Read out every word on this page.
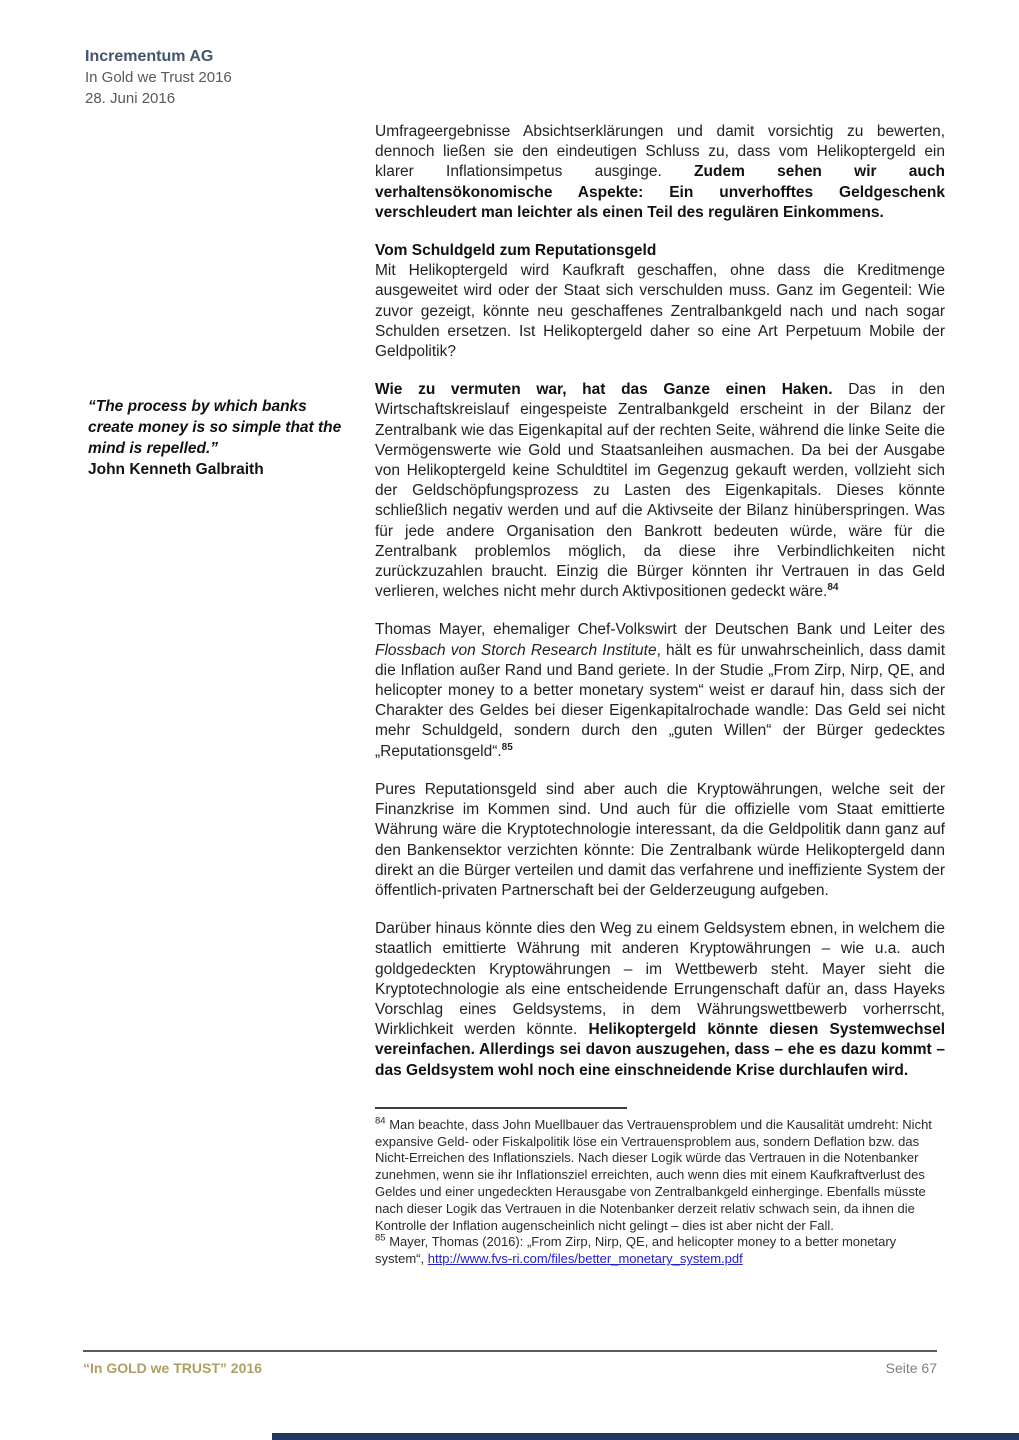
Incrementum AG
In Gold we Trust 2016
28. Juni 2016
“The process by which banks create money is so simple that the mind is repelled.”
John Kenneth Galbraith

Umfrageergebnisse Absichtserklärungen und damit vorsichtig zu bewerten, dennoch ließen sie den eindeutigen Schluss zu, dass vom Helikoptergeld ein klarer Inflationsimpetus ausginge. Zudem sehen wir auch verhaltensökonomische Aspekte: Ein unverhofftes Geldgeschenk verschleudert man leichter als einen Teil des regulären Einkommens.

Vom Schuldgeld zum Reputationsgeld

Mit Helikoptergeld wird Kaufkraft geschaffen, ohne dass die Kreditmenge ausgeweitet wird oder der Staat sich verschulden muss. Ganz im Gegenteil: Wie zuvor gezeigt, könnte neu geschaffenes Zentralbankgeld nach und nach sogar Schulden ersetzen. Ist Helikoptergeld daher so eine Art Perpetuum Mobile der Geldpolitik?

Wie zu vermuten war, hat das Ganze einen Haken. Das in den Wirtschaftskreislauf eingespeiste Zentralbankgeld erscheint in der Bilanz der Zentralbank wie das Eigenkapital auf der rechten Seite, während die linke Seite die Vermögenswerte wie Gold und Staatsanleihen ausmachen. Da bei der Ausgabe von Helikoptergeld keine Schuldtitel im Gegenzug gekauft werden, vollzieht sich der Geldschöpfungsprozess zu Lasten des Eigenkapitals. Dieses könnte schließlich negativ werden und auf die Aktivseite der Bilanz hinüberspringen. Was für jede andere Organisation den Bankrott bedeuten würde, wäre für die Zentralbank problemlos möglich, da diese ihre Verbindlichkeiten nicht zurückzuzahlen braucht. Einzig die Bürger könnten ihr Vertrauen in das Geld verlieren, welches nicht mehr durch Aktivpositionen gedeckt wäre.$^{84}$

Thomas Mayer, ehemaliger Chef-Volkswirt der Deutschen Bank und Leiter des Flossbach von Storch Research Institute, hält es für unwahrscheinlich, dass damit die Inflation außer Rand und Band geriete. In der Studie „From Zirp, Nirp, QE, and helicopter money to a better monetary system“ weist er darauf hin, dass sich der Charakter des Geldes bei dieser Eigenkapitalrochade wandle: Das Geld sei nicht mehr Schuldgeld, sondern durch den „guten Willen“ der Bürger gedecktes „Reputationsgeld“.$^{85}$

Pures Reputationsgeld sind aber auch die Kryptowährungen, welche seit der Finanzkrise im Kommen sind. Und auch für die offizielle vom Staat emittierte Währung wäre die Kryptotechnologie interessant, da die Geldpolitik dann ganz auf den Bankensektor verzichten könnte: Die Zentralbank würde Helikoptergeld dann direkt an die Bürger verteilen und damit das verfahrene und ineffiziente System der öffentlich-privaten Partnerschaft bei der Gelderzeugung aufgeben.

Darüber hinaus könnte dies den Weg zu einem Geldsystem ebnen, in welchem die staatlich emittierte Währung mit anderen Kryptowährungen – wie u.a. auch goldgedeckten Kryptowährungen – im Wettbewerb steht. Mayer sieht die Kryptotechnologie als eine entscheidende Errungenschaft dafür an, dass Hayeks Vorschlag eines Geldsystems, in dem Währungswettbewerb vorherrscht, Wirklichkeit werden könnte. Helikoptergeld könnte diesen Systemwechsel vereinfachen. Allerdings sei davon auszugehen, dass – ehe es dazu kommt – das Geldsystem wohl noch eine einschneidende Krise durchlaufen wird.

$^{84}$ Man beachte, dass John Muellbauer das Vertrauensproblem und die Kausalität umdreht: Nicht expansive Geld- oder Fiskalpolitik löse ein Vertrauensproblem aus, sondern Deflation bzw. das Nicht-Erreichen des Inflationsziels. Nach dieser Logik würde das Vertrauen in die Notenbanker zunehmen, wenn sie ihr Inflationsziel erreichten, auch wenn dies mit einem Kaufkraftverlust des Geldes und einer ungedeckten Herausgabe von Zentralbankgeld einherginge. Ebenfalls müsste nach dieser Logik das Vertrauen in die Notenbanker derzeit relativ schwach sein, da ihnen die Kontrolle der Inflation augenscheinlich nicht gelingt – dies ist aber nicht der Fall.
$^{85}$ Mayer, Thomas (2016): „From Zirp, Nirp, QE, and helicopter money to a better monetary system“, http://www.fvs-ri.com/files/better_monetary_system.pdf
“In GOLD we TRUST” 2016	Seite 67
